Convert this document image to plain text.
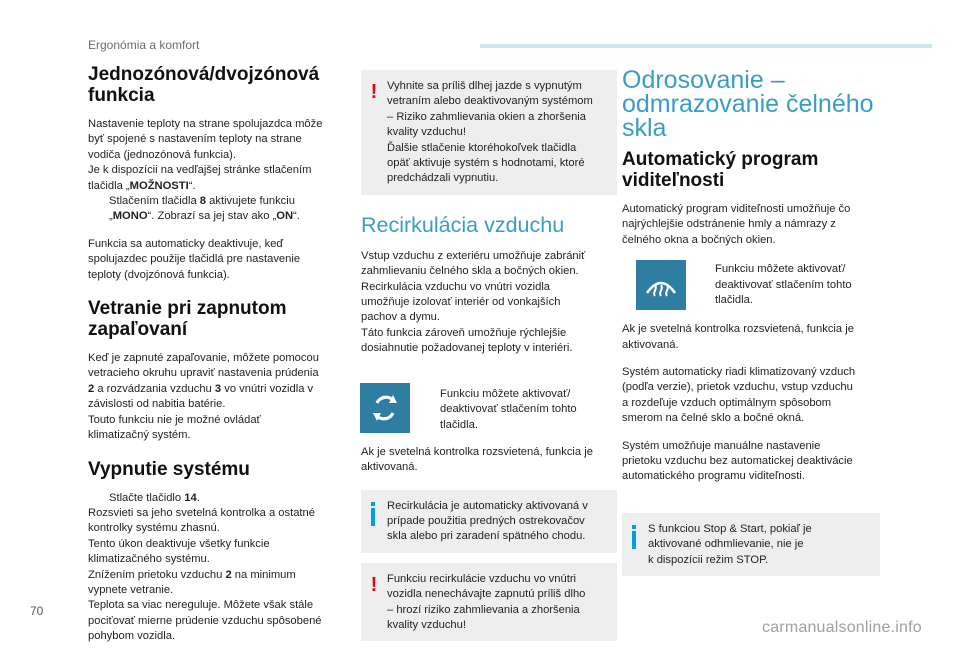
Ergonómia a komfort
Jednozónová/dvojzónová
funkcia
Nastavenie teploty na strane spolujazdca môže
byť spojené s nastavením teploty na strane
vodiča (jednozónová funkcia).
Je k dispozícii na vedľajšej stránke stlačením
tlačidla „MOŽNOSTI“.
Stlačením tlačidla 8 aktivujete funkciu
„MONO“. Zobrazí sa jej stav ako „ON“.
Funkcia sa automaticky deaktivuje, keď
spolujazdec použije tlačidlá pre nastavenie
teploty (dvojzónová funkcia).
Vetranie pri zapnutom
zapaľovaní
Keď je zapnuté zapaľovanie, môžete pomocou
vetracieho okruhu upraviť nastavenia prúdenia
2 a rozvádzania vzduchu 3 vo vnútri vozidla v
závislosti od nabitia batérie.
Touto funkciu nie je možné ovládať
klimatizačný systém.
Vypnutie systému
Stlačte tlačidlo 14.
Rozsvieti sa jeho svetelná kontrolka a ostatné
kontrolky systému zhasnú.
Tento úkon deaktivuje všetky funkcie
klimatizačného systému.
Znížením prietoku vzduchu 2 na minimum
vypnete vetranie.
Teplota sa viac nereguluje. Môžete však stále
pociťovať mierne prúdenie vzduchu spôsobené
pohybom vozidla.
! Vyhnite sa príliš dlhej jazde s vypnutým
vetraním alebo deaktivovaným systémom
– Riziko zahmlievania okien a zhoršenia
kvality vzduchu!
Ďalšie stlačenie ktoréhokoľvek tlačidla
opäť aktivuje systém s hodnotami, ktoré
predchádzali vypnutiu.
Recirkulácia vzduchu
Vstup vzduchu z exteriéru umožňuje zabrániť
zahmlievaniu čelného skla a bočných okien.
Recirkulácia vzduchu vo vnútri vozidla
umožňuje izolovať interiér od vonkajších
pachov a dymu.
Táto funkcia zároveň umožňuje rýchlejšie
dosiahnutie požadovanej teploty v interiéri.
Funkciu môžete aktivovať/
deaktivovať stlačením tohto
tlačidla.
Ak je svetelná kontrolka rozsvietená, funkcia je
aktivovaná.
Recirkulácia je automaticky aktivovaná v
prípade použitia predných ostrekovačov
skla alebo pri zaradení spätného chodu.
! Funkciu recirkulácie vzduchu vo vnútri
vozidla nenechávajte zapnutú príliš dlho
– hrozí riziko zahmlievania a zhoršenia
kvality vzduchu!
Odrosovanie –
odmrazovanie čelného
skla
Automatický program
viditeľnosti
Automatický program viditeľnosti umožňuje čo
najrýchlejšie odstránenie hmly a námrazy z
čelného okna a bočných okien.
Funkciu môžete aktivovať/
deaktivovať stlačením tohto
tlačidla.
Ak je svetelná kontrolka rozsvietená, funkcia je
aktivovaná.
Systém automaticky riadi klimatizovaný vzduch
(podľa verzie), prietok vzduchu, vstup vzduchu
a rozdeľuje vzduch optimálnym spôsobom
smerom na čelné sklo a bočné okná.
Systém umožňuje manuálne nastavenie
prietoku vzduchu bez automatickej deaktivácie
automatického programu viditeľnosti.
S funkciou Stop & Start, pokiaľ je
aktivované odhmlievanie, nie je
k dispozícii režim STOP.
70
carmanualsonline.info
